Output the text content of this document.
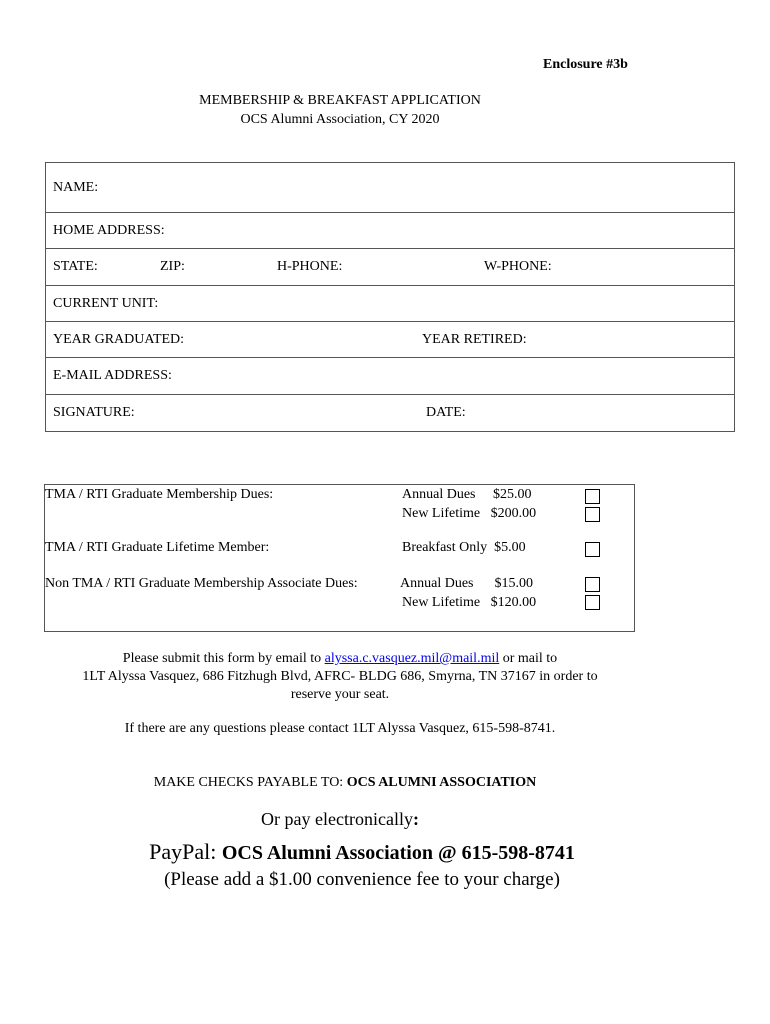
Enclosure #3b
MEMBERSHIP & BREAKFAST APPLICATION
OCS Alumni Association, CY 2020
NAME:
HOME ADDRESS:
STATE:	ZIP:	H-PHONE:	W-PHONE:
CURRENT UNIT:
YEAR GRADUATED:	YEAR RETIRED:
E-MAIL ADDRESS:
SIGNATURE:	DATE:
TMA / RTI Graduate Membership Dues:	Annual Dues     $25.00
New Lifetime   $200.00
TMA / RTI Graduate Lifetime Member:	Breakfast Only  $5.00
Non TMA / RTI Graduate Membership Associate Dues:	Annual Dues      $15.00
New Lifetime   $120.00
Please submit this form by email to alyssa.c.vasquez.mil@mail.mil or mail to
1LT Alyssa Vasquez, 686 Fitzhugh Blvd, AFRC- BLDG 686, Smyrna, TN 37167 in order to
reserve your seat.
If there are any questions please contact 1LT Alyssa Vasquez, 615-598-8741.
MAKE CHECKS PAYABLE TO: OCS ALUMNI ASSOCIATION
Or pay electronically:
PayPal: OCS Alumni Association @ 615-598-8741
(Please add a $1.00 convenience fee to your charge)
